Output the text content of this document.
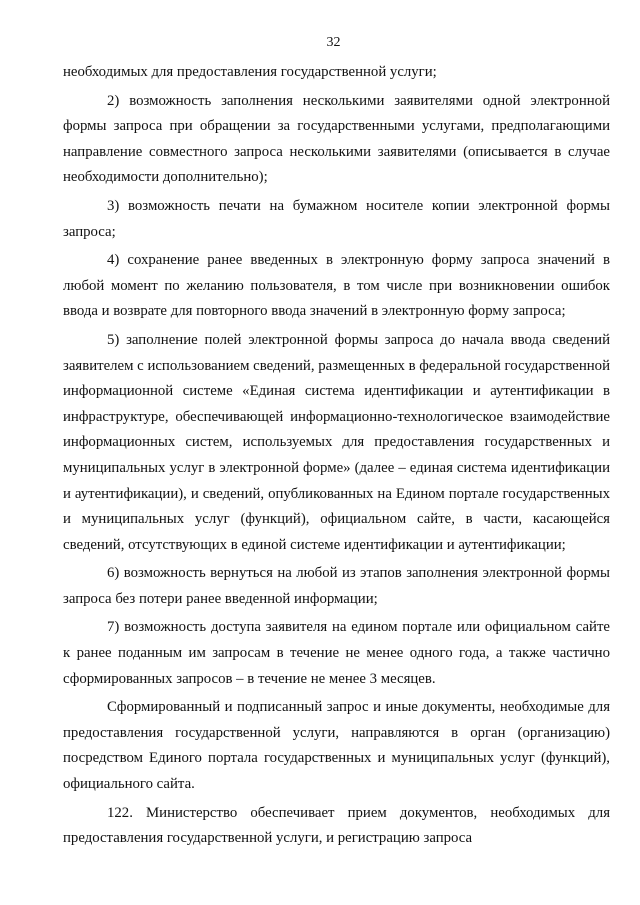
32

необходимых для предоставления государственной услуги;

2) возможность заполнения несколькими заявителями одной электронной формы запроса при обращении за государственными услугами, предполагающими направление совместного запроса несколькими заявителями (описывается в случае необходимости дополнительно);

3) возможность печати на бумажном носителе копии электронной формы запроса;

4) сохранение ранее введенных в электронную форму запроса значений в любой момент по желанию пользователя, в том числе при возникновении ошибок ввода и возврате для повторного ввода значений в электронную форму запроса;

5) заполнение полей электронной формы запроса до начала ввода сведений заявителем с использованием сведений, размещенных в федеральной государственной информационной системе «Единая система идентификации и аутентификации в инфраструктуре, обеспечивающей информационно-технологическое взаимодействие информационных систем, используемых для предоставления государственных и муниципальных услуг в электронной форме» (далее – единая система идентификации и аутентификации), и сведений, опубликованных на Едином портале государственных и муниципальных услуг (функций), официальном сайте, в части, касающейся сведений, отсутствующих в единой системе идентификации и аутентификации;

6) возможность вернуться на любой из этапов заполнения электронной формы запроса без потери ранее введенной информации;

7) возможность доступа заявителя на едином портале или официальном сайте к ранее поданным им запросам в течение не менее одного года, а также частично сформированных запросов – в течение не менее 3 месяцев.

Сформированный и подписанный запрос и иные документы, необходимые для предоставления государственной услуги, направляются в орган (организацию) посредством Единого портала государственных и муниципальных услуг (функций), официального сайта.

122. Министерство обеспечивает прием документов, необходимых для предоставления государственной услуги, и регистрацию запроса
